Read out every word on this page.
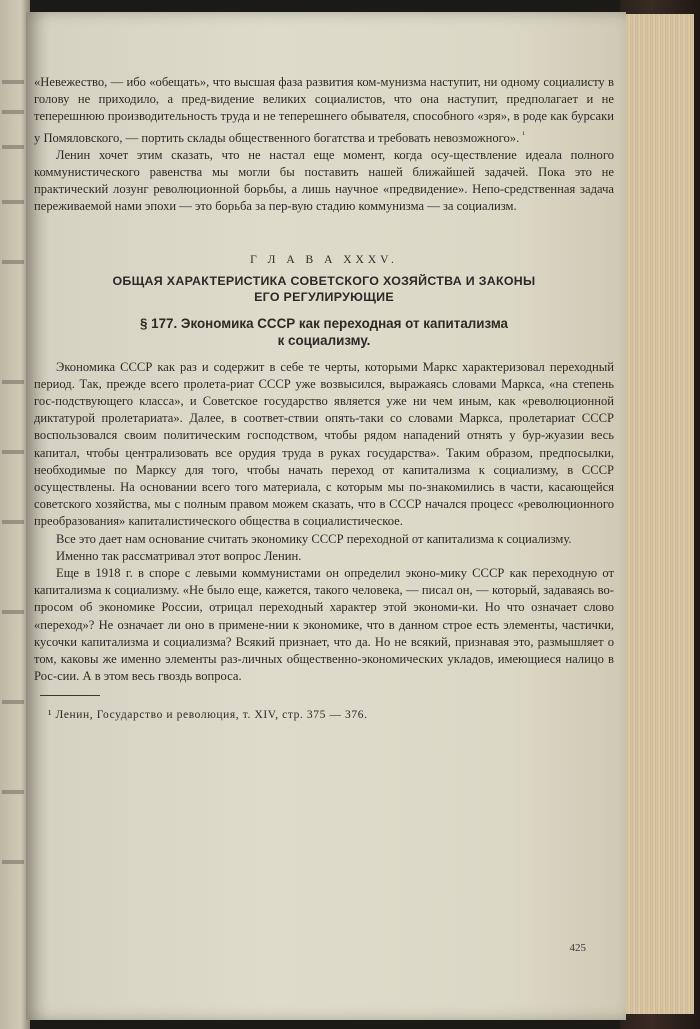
«Невежество, — ибо «обещать», что высшая фаза развития ком-мунизма наступит, ни одному социалисту в голову не приходило, а пред-видение великих социалистов, что она наступит, предполагает и не теперешнюю производительность труда и не теперешнего обывателя, способного «зря», в роде как бурсаки у Помяловского, — портить склады общественного богатства и требовать невозможного». $^{^1}$

Ленин хочет этим сказать, что не настал еще момент, когда осу-ществление идеала полного коммунистического равенства мы могли бы поставить нашей ближайшей задачей. Пока это не практический лозунг революционной борьбы, а лишь научное «предвидение». Непо-средственная задача переживаемой нами эпохи — это борьба за пер-вую стадию коммунизма — за социализм.

Г Л А В А XXXV.
ОБЩАЯ ХАРАКТЕРИСТИКА СОВЕТСКОГО ХОЗЯЙСТВА И ЗАКОНЫ
ЕГО РЕГУЛИРУЮЩИЕ
§ 177. Экономика СССР как переходная от капитализма
к социализму.

Экономика СССР как раз и содержит в себе те черты, которыми Маркс характеризовал переходный период. Так, прежде всего пролета-риат СССР уже возвысился, выражаясь словами Маркса, «на степень гос-подствующего класса», и Советское государство является уже ни чем иным, как «революционной диктатурой пролетариата». Далее, в соответ-ствии опять-таки со словами Маркса, пролетариат СССР воспользовался своим политическим господством, чтобы рядом нападений отнять у бур-жуазии весь капитал, чтобы централизовать все орудия труда в руках государства». Таким образом, предпосылки, необходимые по Марксу для того, чтобы начать переход от капитализма к социализму, в СССР осуществлены. На основании всего того материала, с которым мы по-знакомились в части, касающейся советского хозяйства, мы с полным правом можем сказать, что в СССР начался процесс «революционного преобразования» капиталистического общества в социалистическое.

Все это дает нам основание считать экономику СССР переходной от капитализма к социализму.

Именно так рассматривал этот вопрос Ленин.

Еще в 1918 г. в споре с левыми коммунистами он определил эконо-мику СССР как переходную от капитализма к социализму. «Не было еще, кажется, такого человека, — писал он, — который, задаваясь во-просом об экономике России, отрицал переходный характер этой экономи-ки. Но что означает слово «переход»? Не означает ли оно в примене-нии к экономике, что в данном строе есть элементы, частички, кусочки капитализма и социализма? Всякий признает, что да. Но не всякий, признавая это, размышляет о том, каковы же именно элементы раз-личных общественно-экономических укладов, имеющиеся налицо в Рос-сии. А в этом весь гвоздь вопроса.

¹ Ленин, Государство и революция, т. XIV, стр. 375 — 376.
425
